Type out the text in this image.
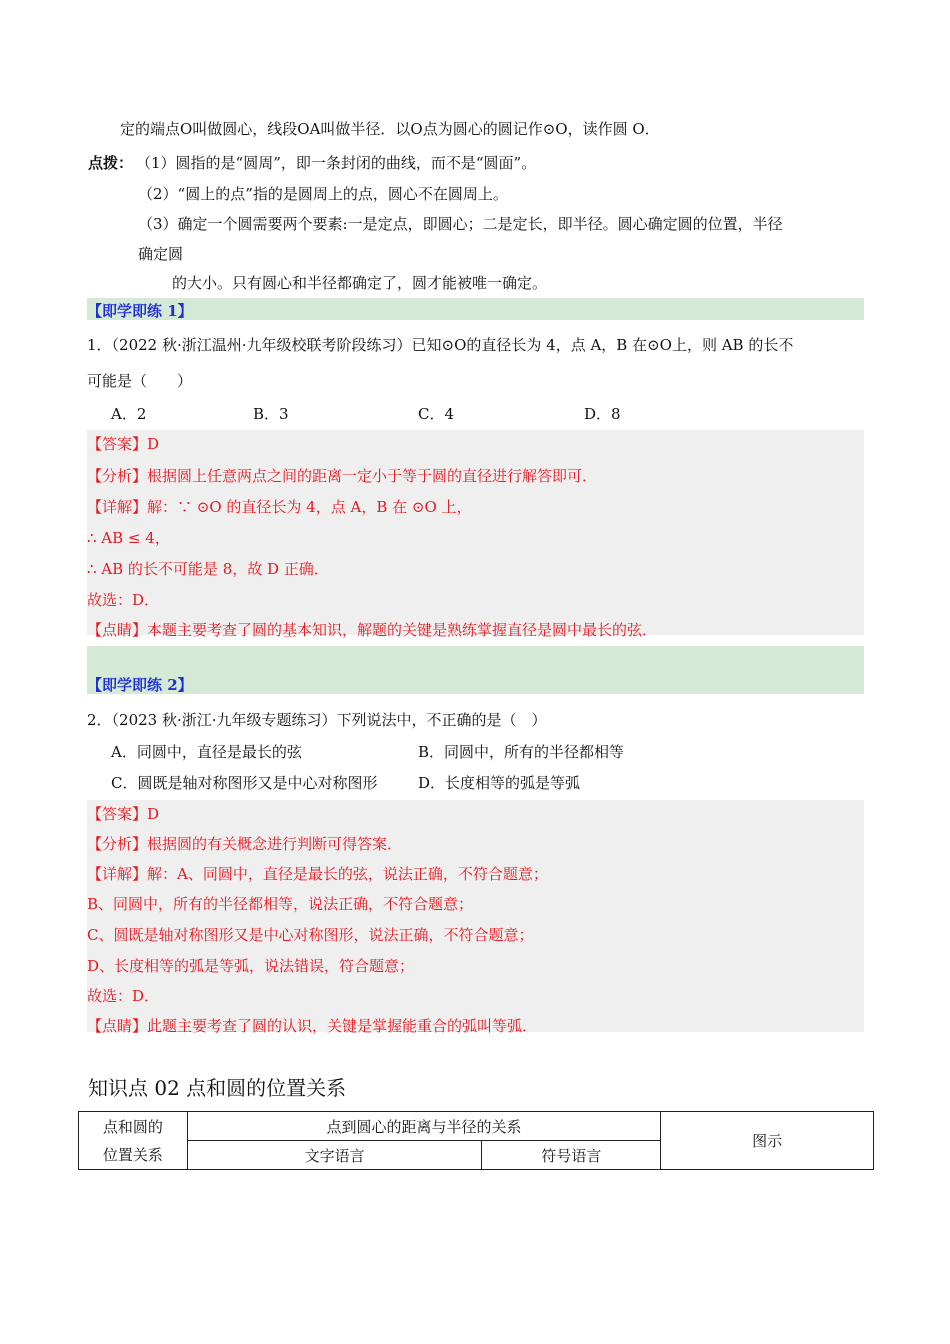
定的端点O叫做圆心，线段OA叫做半径．以O点为圆心的圆记作⊙O，读作圆 O．
点拨： （1）圆指的是“圆周”，即一条封闭的曲线，而不是“圆面”。
（2）“圆上的点”指的是圆周上的点，圆心不在圆周上。
（3）确定一个圆需要两个要素:一是定点，即圆心；二是定长，即半径。圆心确定圆的位置，半径
确定圆
的大小。只有圆心和半径都确定了，圆才能被唯一确定。
【即学即练 1】
1．（2022 秋·浙江温州·九年级校联考阶段练习）已知⊙O的直径长为 4，点 A，B 在⊙O上，则 AB 的长不
可能是（　　）
A．2	B．3	C．4	D．8
【答案】D
【分析】根据圆上任意两点之间的距离一定小于等于圆的直径进行解答即可．
【详解】解：∵ ⊙O 的直径长为 4，点 A，B 在 ⊙O 上，
∴ AB ≤ 4，
∴ AB 的长不可能是 8，故 D 正确．
故选：D．
【点睛】本题主要考查了圆的基本知识，解题的关键是熟练掌握直径是圆中最长的弦．
【即学即练 2】
2．（2023 秋·浙江·九年级专题练习）下列说法中，不正确的是（　）
A．同圆中，直径是最长的弦	B．同圆中，所有的半径都相等
C．圆既是轴对称图形又是中心对称图形	D．长度相等的弧是等弧
【答案】D
【分析】根据圆的有关概念进行判断可得答案．
【详解】解：A、同圆中，直径是最长的弦，说法正确，不符合题意；
B、同圆中，所有的半径都相等，说法正确，不符合题意；
C、圆既是轴对称图形又是中心对称图形，说法正确，不符合题意；
D、长度相等的弧是等弧，说法错误，符合题意；
故选：D．
【点睛】此题主要考查了圆的认识，关键是掌握能重合的弧叫等弧．
知识点 02 点和圆的位置关系
点和圆的
位置关系	点到圆心的距离与半径的关系		图示
	文字语言	符号语言	
